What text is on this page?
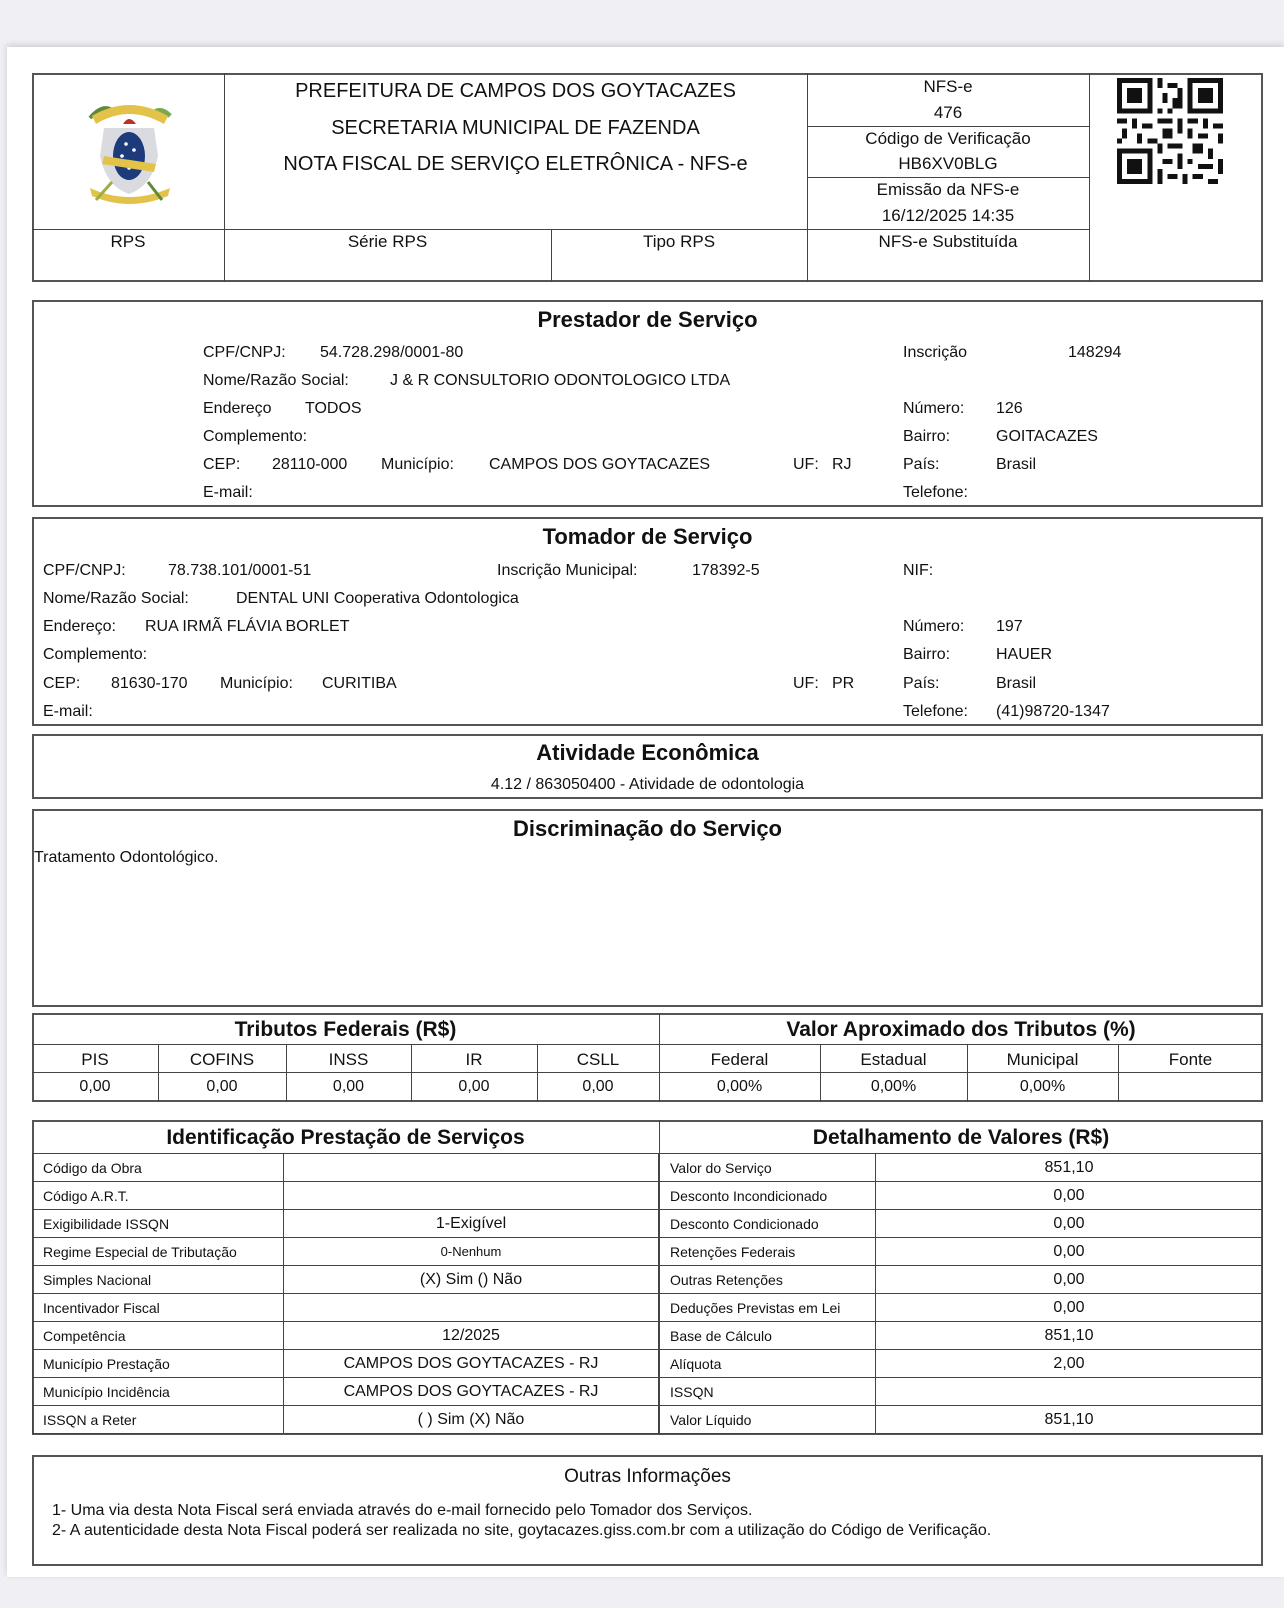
PREFEITURA DE CAMPOS DOS GOYTACAZES
SECRETARIA MUNICIPAL DE FAZENDA
NOTA FISCAL DE SERVIÇO ELETRÔNICA - NFS-e
NFS-e
476
Código de Verificação
HB6XV0BLG
Emissão da NFS-e
16/12/2025 14:35
RPS	Série RPS	Tipo RPS	NFS-e Substituída
Prestador de Serviço
CPF/CNPJ: 54.728.298/0001-80	Inscrição	148294
Nome/Razão Social:	J & R CONSULTORIO ODONTOLOGICO LTDA
Endereço TODOS	Número: 126
Complemento:	Bairro:	GOITACAZES
CEP: 28110-000 Município: CAMPOS DOS GOYTACAZES	UF: RJ	País:	Brasil
E-mail:	Telefone:
Tomador de Serviço
CPF/CNPJ:	78.738.101/0001-51	Inscrição Municipal:	178392-5	NIF:
Nome/Razão Social:	DENTAL UNI Cooperativa Odontologica
Endereço: RUA IRMÃ FLÁVIA BORLET	Número: 197
Complemento:	Bairro:	HAUER
CEP: 81630-170 Município: CURITIBA	UF: PR	País:	Brasil
E-mail:	Telefone: (41)98720-1347
Atividade Econômica
4.12 / 863050400 - Atividade de odontologia
Discriminação do Serviço
Tratamento Odontológico.
Tributos Federais (R$)	Valor Aproximado dos Tributos (%)
PIS	COFINS	INSS	IR	CSLL	Federal	Estadual	Municipal	Fonte
0,00	0,00	0,00	0,00	0,00	0,00%	0,00%	0,00%
Identificação Prestação de Serviços	Detalhamento de Valores (R$)
Código da Obra	
Código A.R.T.	
Exigibilidade ISSQN	1-Exigível
Regime Especial de Tributação	0-Nenhum
Simples Nacional	(X) Sim () Não
Incentivador Fiscal	
Competência	12/2025
Município Prestação	CAMPOS DOS GOYTACAZES - RJ
Município Incidência	CAMPOS DOS GOYTACAZES - RJ
ISSQN a Reter	( ) Sim (X) Não
Valor do Serviço	851,10
Desconto Incondicionado	0,00
Desconto Condicionado	0,00
Retenções Federais	0,00
Outras Retenções	0,00
Deduções Previstas em Lei	0,00
Base de Cálculo	851,10
Alíquota	2,00
ISSQN	
Valor Líquido	851,10
Outras Informações
1- Uma via desta Nota Fiscal será enviada através do e-mail fornecido pelo Tomador dos Serviços.
2- A autenticidade desta Nota Fiscal poderá ser realizada no site, goytacazes.giss.com.br com a utilização do Código de Verificação.
